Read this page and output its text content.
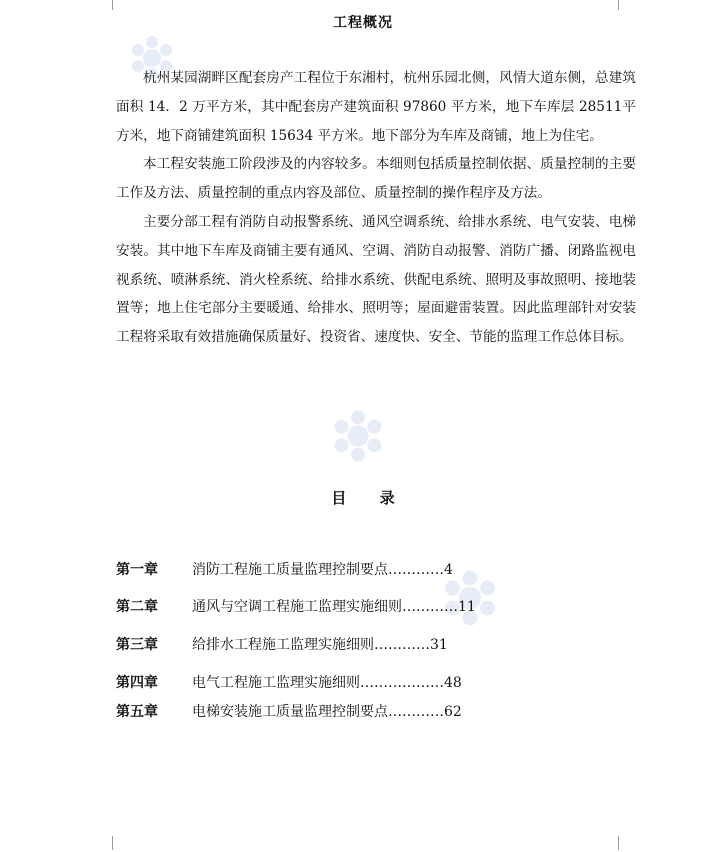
工程概况

杭州某园湖畔区配套房产工程位于东湘村，杭州乐园北侧，风情大道东侧，总建筑面积 14．2 万平方米，其中配套房产建筑面积 97860 平方米，地下车库层 28511平方米，地下商铺建筑面积 15634 平方米。地下部分为车库及商铺，地上为住宅。

本工程安装施工阶段涉及的内容较多。本细则包括质量控制依据、质量控制的主要工作及方法、质量控制的重点内容及部位、质量控制的操作程序及方法。

主要分部工程有消防自动报警系统、通风空调系统、给排水系统、电气安装、电梯安装。其中地下车库及商铺主要有通风、空调、消防自动报警、消防广播、闭路监视电视系统、喷淋系统、消火栓系统、给排水系统、供配电系统、照明及事故照明、接地装置等；地上住宅部分主要暖通、给排水、照明等；屋面避雷装置。因此监理部针对安装工程将采取有效措施确保质量好、投资省、速度快、安全、节能的监理工作总体目标。

目 录
第一章 消防工程施工质量监理控制要点…………4
第二章 通风与空调工程施工监理实施细则…………11
第三章 给排水工程施工监理实施细则…………31
第四章 电气工程施工监理实施细则………………48
第五章 电梯安装施工质量监理控制要点…………62
